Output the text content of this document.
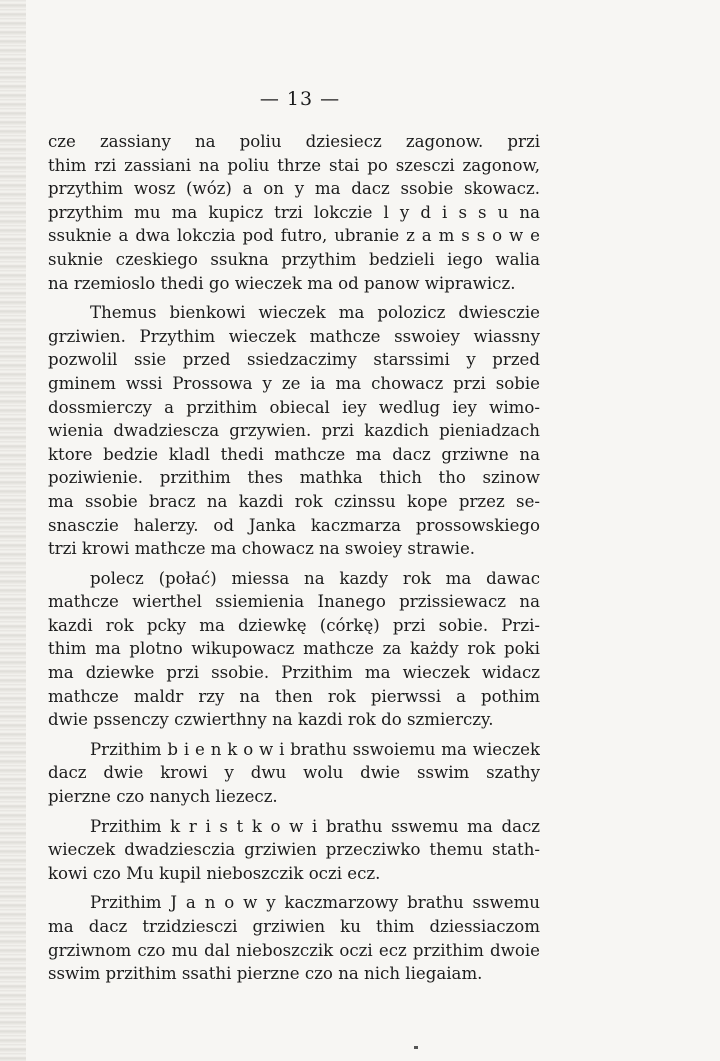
— 13 —
cze zassiany na poliu dziesiecz zagonow. przi
thim rzi zassiani na poliu thrze stai po szesczi zagonow,
przythim wosz (wóz) a on y ma dacz ssobie skowacz.
przythim mu ma kupicz trzi lokczie l y d i s s u na
ssuknie a dwa lokczia pod futro, ubranie z a m s s o w e
suknie czeskiego ssukna przythim bedzieli iego walia
na rzemioslo thedi go wieczek ma od panow wiprawicz.
Themus bienkowi wieczek ma polozicz dwiesczie
grziwien. Przythim wieczek mathcze sswoiey wiassny
pozwolil ssie przed ssiedzaczimy starssimi y przed
gminem wssi Prossowa y ze ia ma chowacz przi sobie
dossmierczy a przithim obiecal iey wedlug iey wimo-
wienia dwadziescza grzywien. przi kazdich pieniadzach
ktore bedzie kladl thedi mathcze ma dacz grziwne na
poziwienie. przithim thes mathka thich tho szinow
ma ssobie bracz na kazdi rok czinssu kope przez se-
snasczie halerzy. od Janka kaczmarza prossowskiego
trzi krowi mathcze ma chowacz na swoiey strawie.
polecz (połać) miessa na kazdy rok ma dawac
mathcze wierthel ssiemienia Inanego przissiewacz na
kazdi rok pcky ma dziewkę (córkę) przi sobie. Przi-
thim ma plotno wikupowacz mathcze za każdy rok poki
ma dziewke przi ssobie. Przithim ma wieczek widacz
mathcze maldr rzy na then rok pierwssi a pothim
dwie pssenczy czwierthny na kazdi rok do szmierczy.
Przithim b i e n k o w i brathu sswoiemu ma wieczek
dacz dwie krowi y dwu wolu dwie sswim szathy
pierzne czo nanych liezecz.
Przithim k r i s t k o w i brathu sswemu ma dacz
wieczek dwadziesczia grziwien przecziwko themu stath-
kowi czo Mu kupil nieboszczik oczi ecz.
Przithim J a n o w y kaczmarzowy brathu sswemu
ma dacz trzidziesczi grziwien ku thim dziessiaczom
grziwnom czo mu dal nieboszczik oczi ecz przithim dwoie
sswim przithim ssathi pierzne czo na nich liegaiam.
